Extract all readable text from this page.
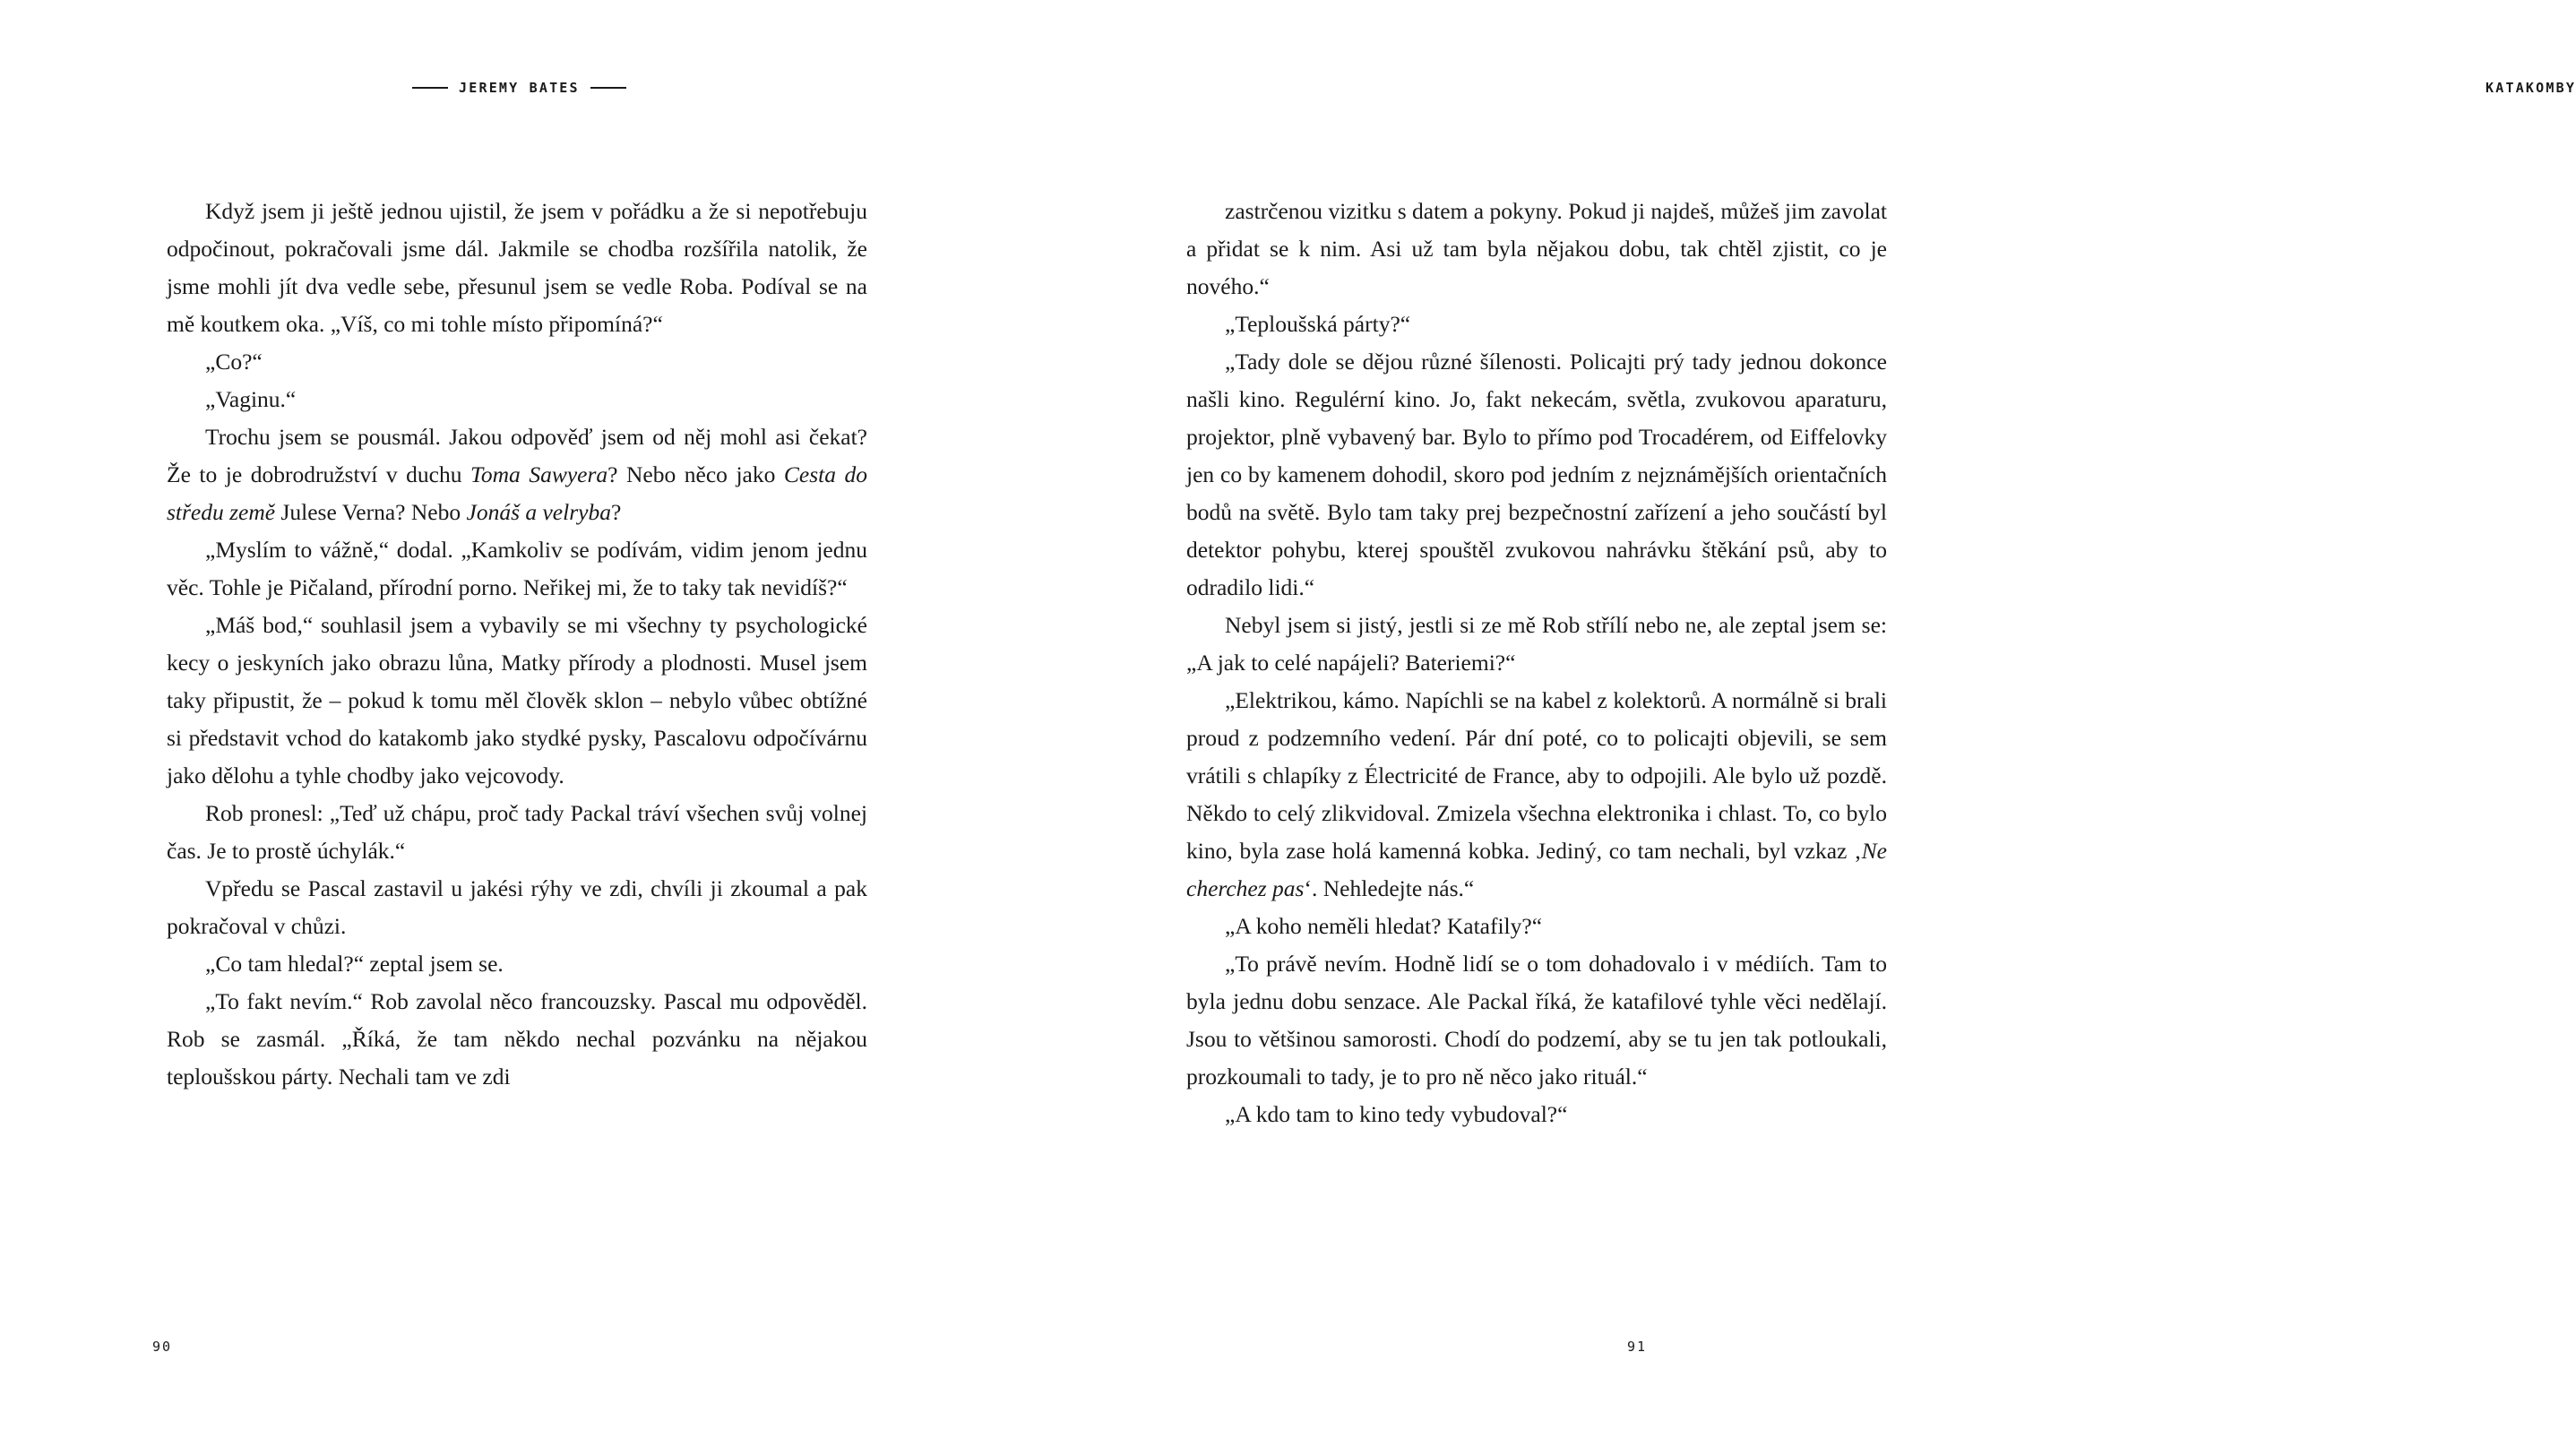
JEREMY BATES

Když jsem ji ještě jednou ujistil, že jsem v pořádku a že si nepotřebuju odpočinout, pokračovali jsme dál. Jakmile se chodba rozšířila natolik, že jsme mohli jít dva vedle sebe, přesunul jsem se vedle Roba. Podíval se na mě koutkem oka. „Víš, co mi tohle místo připomíná?“

„Co?“

„Vaginu.“

Trochu jsem se pousmál. Jakou odpověď jsem od něj mohl asi čekat? Že to je dobrodružství v duchu Toma Sawyera? Nebo něco jako Cesta do středu země Julese Verna? Nebo Jonáš a velryba?

„Myslím to vážně,“ dodal. „Kamkoliv se podívám, vidim jenom jednu věc. Tohle je Pičaland, přírodní porno. Neřikej mi, že to taky tak nevidíš?“

„Máš bod,“ souhlasil jsem a vybavily se mi všechny ty psychologické kecy o jeskyních jako obrazu lůna, Matky přírody a plodnosti. Musel jsem taky připustit, že – pokud k tomu měl člověk sklon – nebylo vůbec obtížné si představit vchod do katakomb jako stydké pysky, Pascalovu odpočívárnu jako dělohu a tyhle chodby jako vejcovody.

Rob pronesl: „Teď už chápu, proč tady Packal tráví všechen svůj volnej čas. Je to prostě úchylák.“

Vpředu se Pascal zastavil u jakési rýhy ve zdi, chvíli ji zkoumal a pak pokračoval v chůzi.

„Co tam hledal?“ zeptal jsem se.

„To fakt nevím.“ Rob zavolal něco francouzsky. Pascal mu odpověděl. Rob se zasmál. „Říká, že tam někdo nechal pozvánku na nějakou teploušskou párty. Nechali tam ve zdi

90
KATAKOMBY

zastrčenou vizitku s datem a pokyny. Pokud ji najdeš, můžeš jim zavolat a přidat se k nim. Asi už tam byla nějakou dobu, tak chtěl zjistit, co je nového.“

„Teploušská párty?“

„Tady dole se dějou různé šílenosti. Policajti prý tady jednou dokonce našli kino. Regulérní kino. Jo, fakt nekecám, světla, zvukovou aparaturu, projektor, plně vybavený bar. Bylo to přímo pod Trocadérem, od Eiffelovky jen co by kamenem dohodil, skoro pod jedním z nejznámějších orientačních bodů na světě. Bylo tam taky prej bezpečnostní zařízení a jeho součástí byl detektor pohybu, kterej spouštěl zvukovou nahrávku štěkání psů, aby to odradilo lidi.“

Nebyl jsem si jistý, jestli si ze mě Rob střílí nebo ne, ale zeptal jsem se: „A jak to celé napájeli? Bateriemi?“

„Elektrikou, kámo. Napíchli se na kabel z kolektorů. A normálně si brali proud z podzemního vedení. Pár dní poté, co to policajti objevili, se sem vrátili s chlapíky z Électricité de France, aby to odpojili. Ale bylo už pozdě. Někdo to celý zlikvidoval. Zmizela všechna elektronika i chlast. To, co bylo kino, byla zase holá kamenná kobka. Jediný, co tam nechali, byl vzkaz ‚Ne cherchez pas‘. Nehledejte nás.“

„A koho neměli hledat? Katafily?“

„To právě nevím. Hodně lidí se o tom dohadovalo i v médiích. Tam to byla jednu dobu senzace. Ale Packal říká, že katafilové tyhle věci nedělají. Jsou to většinou samorosti. Chodí do podzemí, aby se tu jen tak potloukali, prozkoumali to tady, je to pro ně něco jako rituál.“

„A kdo tam to kino tedy vybudoval?“

91
